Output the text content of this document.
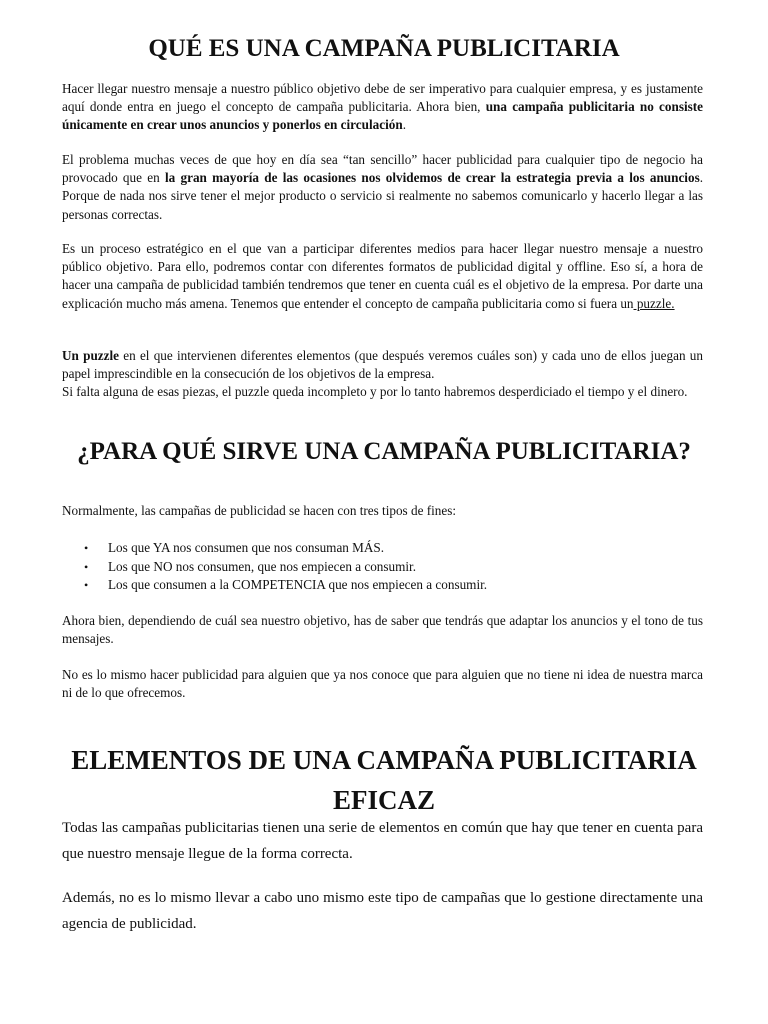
QUÉ ES UNA CAMPAÑA PUBLICITARIA

Hacer llegar nuestro mensaje a nuestro público objetivo debe de ser imperativo para cualquier empresa, y es justamente aquí donde entra en juego el concepto de campaña publicitaria. Ahora bien, una campaña publicitaria no consiste únicamente en crear unos anuncios y ponerlos en circulación.

El problema muchas veces de que hoy en día sea “tan sencillo” hacer publicidad para cualquier tipo de negocio ha provocado que en la gran mayoría de las ocasiones nos olvidemos de crear la estrategia previa a los anuncios. Porque de nada nos sirve tener el mejor producto o servicio si realmente no sabemos comunicarlo y hacerlo llegar a las personas correctas.

Es un proceso estratégico en el que van a participar diferentes medios para hacer llegar nuestro mensaje a nuestro público objetivo. Para ello, podremos contar con diferentes formatos de publicidad digital y offline. Eso sí, a hora de hacer una campaña de publicidad también tendremos que tener en cuenta cuál es el objetivo de la empresa. Por darte una explicación mucho más amena. Tenemos que entender el concepto de campaña publicitaria como si fuera un puzzle.

Un puzzle en el que intervienen diferentes elementos (que después veremos cuáles son) y cada uno de ellos juegan un papel imprescindible en la consecución de los objetivos de la empresa.

Si falta alguna de esas piezas, el puzzle queda incompleto y por lo tanto habremos desperdiciado el tiempo y el dinero.

¿PARA QUÉ SIRVE UNA CAMPAÑA PUBLICITARIA?

Normalmente, las campañas de publicidad se hacen con tres tipos de fines:

• Los que YA nos consumen que nos consuman MÁS.
• Los que NO nos consumen, que nos empiecen a consumir.
• Los que consumen a la COMPETENCIA que nos empiecen a consumir.

Ahora bien, dependiendo de cuál sea nuestro objetivo, has de saber que tendrás que adaptar los anuncios y el tono de tus mensajes.

No es lo mismo hacer publicidad para alguien que ya nos conoce que para alguien que no tiene ni idea de nuestra marca ni de lo que ofrecemos.

ELEMENTOS DE UNA CAMPAÑA PUBLICITARIA EFICAZ

Todas las campañas publicitarias tienen una serie de elementos en común que hay que tener en cuenta para que nuestro mensaje llegue de la forma correcta.

Además, no es lo mismo llevar a cabo uno mismo este tipo de campañas que lo gestione directamente una agencia de publicidad.
